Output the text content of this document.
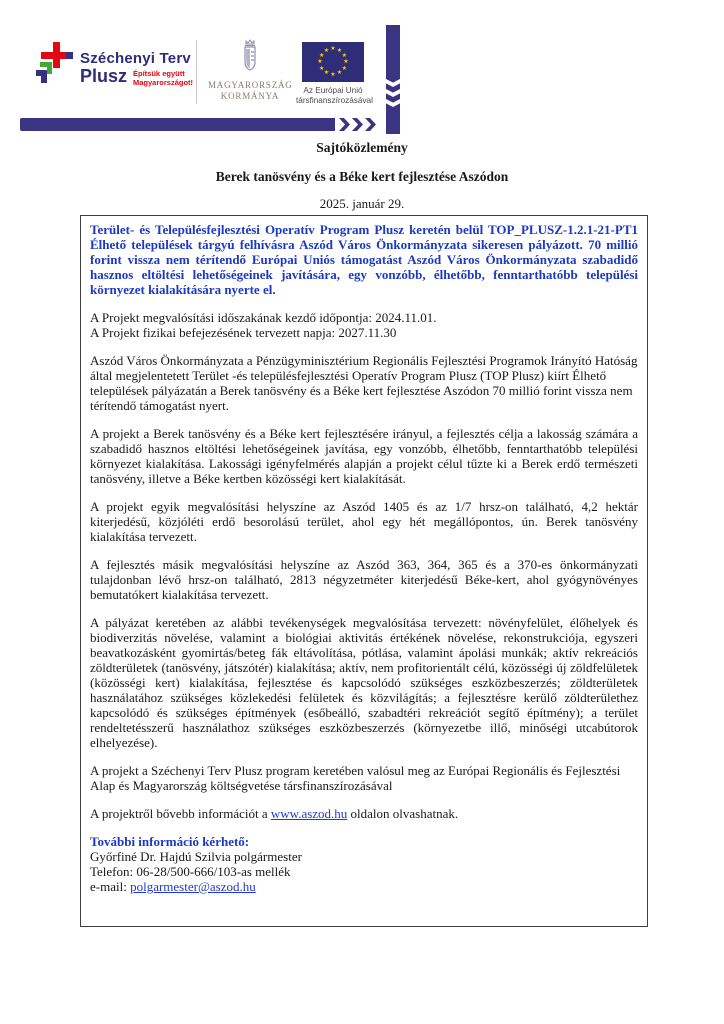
Széchenyi Terv
Plusz Építsük együtt
Magyarországot! MAGYARORSZÁG
KORMÁNYA
★ ★
★
★
★
★
★
★
★
★
★
★
Az Európai Unió
társfinanszírozásával
Sajtóközlemény
Berek tanösvény és a Béke kert fejlesztése Aszódon
2025. január 29.

Terület- és Településfejlesztési Operatív Program Plusz keretén belül TOP_PLUSZ-1.2.1-21-PT1 Élhető települések tárgyú felhívásra Aszód Város Önkormányzata sikeresen pályázott. 70 millió forint vissza nem térítendő Európai Uniós támogatást Aszód Város Önkormányzata szabadidő hasznos eltöltési lehetőségeinek javítására, egy vonzóbb, élhetőbb, fenntarthatóbb települési környezet kialakítására nyerte el.

A Projekt megvalósítási időszakának kezdő időpontja: 2024.11.01.
A Projekt fizikai befejezésének tervezett napja: 2027.11.30

Aszód Város Önkormányzata a Pénzügyminisztérium Regionális Fejlesztési Programok Irányító Hatóság által megjelentetett Terület -és településfejlesztési Operatív Program Plusz (TOP Plusz) kiírt Élhető települések pályázatán a Berek tanösvény és a Béke kert fejlesztése Aszódon 70 millió forint vissza nem térítendő támogatást nyert.

A projekt a Berek tanösvény és a Béke kert fejlesztésére irányul, a fejlesztés célja a lakosság számára a szabadidő hasznos eltöltési lehetőségeinek javítása, egy vonzóbb, élhetőbb, fenntarthatóbb települési környezet kialakítása. Lakossági igényfelmérés alapján a projekt célul tűzte ki a Berek erdő természeti tanösvény, illetve a Béke kertben közösségi kert kialakítását.

A projekt egyik megvalósítási helyszíne az Aszód 1405 és az 1/7 hrsz-on található, 4,2 hektár kiterjedésű, közjóléti erdő besorolású terület, ahol egy hét megállópontos, ún. Berek tanösvény kialakítása tervezett.

A fejlesztés másik megvalósítási helyszíne az Aszód 363, 364, 365 és a 370-es önkormányzati tulajdonban lévő hrsz-on található, 2813 négyzetméter kiterjedésű Béke-kert, ahol gyógynövényes bemutatókert kialakítása tervezett.

A pályázat keretében az alábbi tevékenységek megvalósítása tervezett: növényfelület, élőhelyek és biodiverzitás növelése, valamint a biológiai aktivitás értékének növelése, rekonstrukciója, egyszeri beavatkozásként gyomirtás/beteg fák eltávolítása, pótlása, valamint ápolási munkák; aktív rekreációs zöldterületek (tanösvény, játszótér) kialakítása; aktív, nem profitorientált célú, közösségi új zöldfelületek (közösségi kert) kialakítása, fejlesztése és kapcsolódó szükséges eszközbeszerzés; zöldterületek használatához szükséges közlekedési felületek és közvilágítás; a fejlesztésre kerülő zöldterülethez kapcsolódó és szükséges építmények (esőbeálló, szabadtéri rekreációt segítő építmény); a terület rendeltetésszerű használathoz szükséges eszközbeszerzés (környezetbe illő, minőségi utcabútorok elhelyezése).

A projekt a Széchenyi Terv Plusz program keretében valósul meg az Európai Regionális és Fejlesztési Alap és Magyarország költségvetése társfinanszírozásával

A projektről bővebb információt a www.aszod.hu oldalon olvashatnak.

További információ kérhető:
Győrfiné Dr. Hajdú Szilvia polgármester
Telefon: 06-28/500-666/103-as mellék
e-mail: polgarmester@aszod.hu
